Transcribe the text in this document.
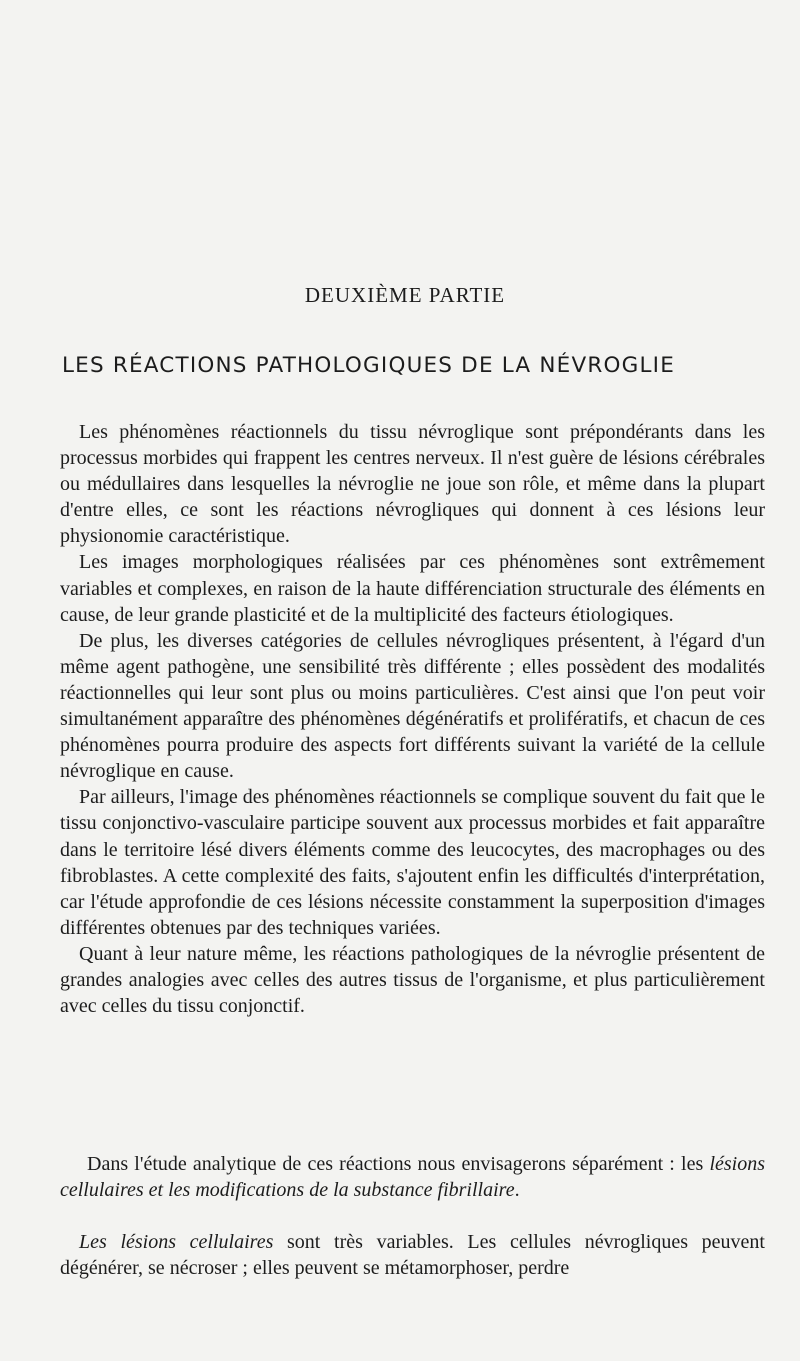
DEUXIÈME PARTIE
LES RÉACTIONS PATHOLOGIQUES DE LA NÉVROGLIE

Les phénomènes réactionnels du tissu névroglique sont prépondérants dans les processus morbides qui frappent les centres nerveux. Il n'est guère de lésions cérébrales ou médullaires dans lesquelles la névroglie ne joue son rôle, et même dans la plupart d'entre elles, ce sont les réactions névrogliques qui donnent à ces lésions leur physionomie caractéristique.

Les images morphologiques réalisées par ces phénomènes sont extrêmement variables et complexes, en raison de la haute différenciation structurale des éléments en cause, de leur grande plasticité et de la multiplicité des facteurs étiologiques.

De plus, les diverses catégories de cellules névrogliques présentent, à l'égard d'un même agent pathogène, une sensibilité très différente ; elles possèdent des modalités réactionnelles qui leur sont plus ou moins particulières. C'est ainsi que l'on peut voir simultanément apparaître des phénomènes dégénératifs et prolifératifs, et chacun de ces phénomènes pourra produire des aspects fort différents suivant la variété de la cellule névroglique en cause.

Par ailleurs, l'image des phénomènes réactionnels se complique souvent du fait que le tissu conjonctivo-vasculaire participe souvent aux processus morbides et fait apparaître dans le territoire lésé divers éléments comme des leucocytes, des macrophages ou des fibroblastes. A cette complexité des faits, s'ajoutent enfin les difficultés d'interprétation, car l'étude approfondie de ces lésions nécessite constamment la superposition d'images différentes obtenues par des techniques variées.

Quant à leur nature même, les réactions pathologiques de la névroglie présentent de grandes analogies avec celles des autres tissus de l'organisme, et plus particulièrement avec celles du tissu conjonctif.

Dans l'étude analytique de ces réactions nous envisagerons séparément : les lésions cellulaires et les modifications de la substance fibrillaire.

Les lésions cellulaires sont très variables. Les cellules névrogliques peuvent dégénérer, se nécroser ; elles peuvent se métamorphoser, perdre
